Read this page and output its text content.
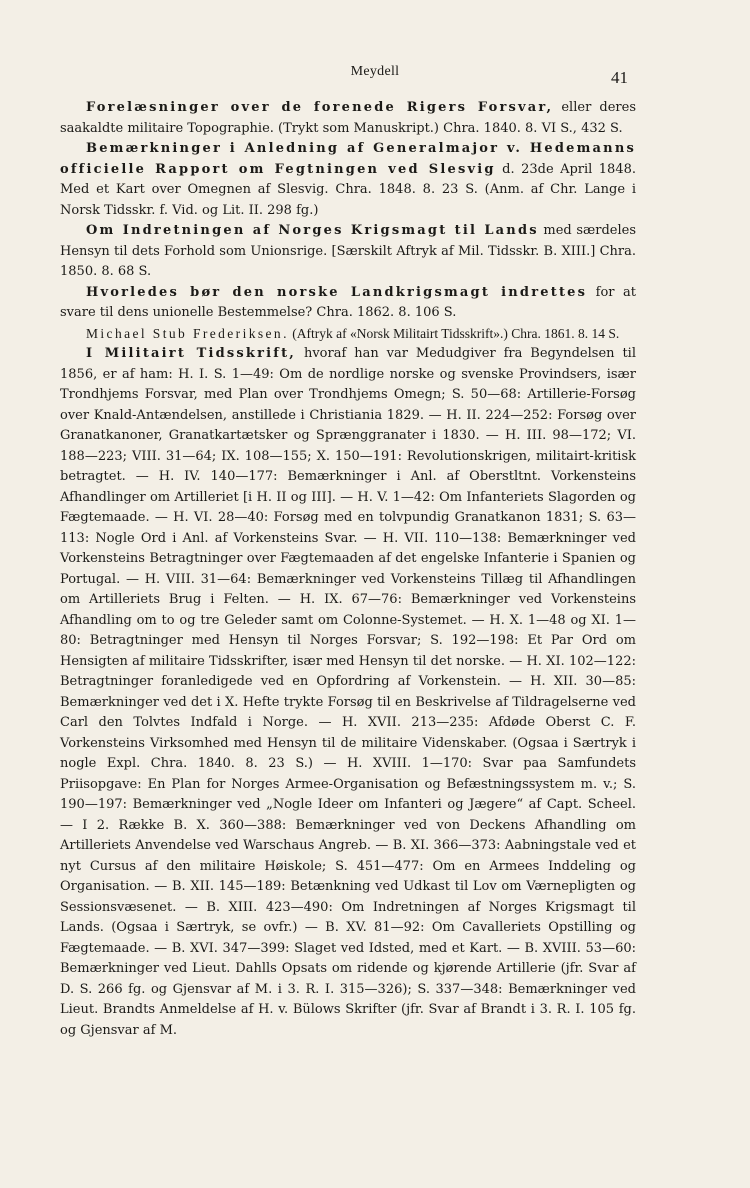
Meydell	41

Forelæsninger over de forenede Rigers Forsvar, eller deres saakaldte militaire Topographie. (Trykt som Manuskript.) Chra. 1840. 8. VI S., 432 S.

Bemærkninger i Anledning af Generalmajor v. Hedemanns officielle Rapport om Fegtningen ved Slesvig d. 23de April 1848. Med et Kart over Omegnen af Slesvig. Chra. 1848. 8. 23 S. (Anm. af Chr. Lange i Norsk Tidsskr. f. Vid. og Lit. II. 298 fg.)

Om Indretningen af Norges Krigsmagt til Lands med særdeles Hensyn til dets Forhold som Unionsrige. [Særskilt Aftryk af Mil. Tidsskr. B. XIII.] Chra. 1850. 8. 68 S.

Hvorledes bør den norske Landkrigsmagt indrettes for at svare til dens unionelle Bestemmelse? Chra. 1862. 8. 106 S.

Michael Stub Frederiksen. (Aftryk af «Norsk Militairt Tidsskrift».) Chra. 1861. 8. 14 S.

I Militairt Tidsskrift, hvoraf han var Medudgiver fra Begyndelsen til 1856, er af ham: H. I. S. 1—49: Om de nordlige norske og svenske Provindsers, især Trondhjems Forsvar, med Plan over Trondhjems Omegn; S. 50—68: Artillerie-Forsøg over Knald-Antændelsen, anstillede i Christiania 1829. — H. II. 224—252: Forsøg over Granatkanoner, Granatkartætsker og Sprænggranater i 1830. — H. III. 98—172; VI. 188—223; VIII. 31—64; IX. 108—155; X. 150—191: Revolutionskrigen, militairt-kritisk betragtet. — H. IV. 140—177: Bemærkninger i Anl. af Oberstltnt. Vorkensteins Afhandlinger om Artilleriet [i H. II og III]. — H. V. 1—42: Om Infanteriets Slagorden og Fægtemaade. — H. VI. 28—40: Forsøg med en tolvpundig Granatkanon 1831; S. 63—113: Nogle Ord i Anl. af Vorkensteins Svar. — H. VII. 110—138: Bemærkninger ved Vorkensteins Betragtninger over Fægtemaaden af det engelske Infanterie i Spanien og Portugal. — H. VIII. 31—64: Bemærkninger ved Vorkensteins Tillæg til Afhandlingen om Artilleriets Brug i Felten. — H. IX. 67—76: Bemærkninger ved Vorkensteins Afhandling om to og tre Geleder samt om Colonne-Systemet. — H. X. 1—48 og XI. 1—80: Betragtninger med Hensyn til Norges Forsvar; S. 192—198: Et Par Ord om Hensigten af militaire Tidsskrifter, især med Hensyn til det norske. — H. XI. 102—122: Betragtninger foranledigede ved en Opfordring af Vorkenstein. — H. XII. 30—85: Bemærkninger ved det i X. Hefte trykte Forsøg til en Beskrivelse af Tildragelserne ved Carl den Tolvtes Indfald i Norge. — H. XVII. 213—235: Afdøde Oberst C. F. Vorkensteins Virksomhed med Hensyn til de militaire Videnskaber. (Ogsaa i Særtryk i nogle Expl. Chra. 1840. 8. 23 S.) — H. XVIII. 1—170: Svar paa Samfundets Priisopgave: En Plan for Norges Armee-Organisation og Befæstningssystem m. v.; S. 190—197: Bemærkninger ved „Nogle Ideer om Infanteri og Jægere“ af Capt. Scheel. — I 2. Række B. X. 360—388: Bemærkninger ved von Deckens Afhandling om Artilleriets Anvendelse ved Warschaus Angreb. — B. XI. 366—373: Aabningstale ved et nyt Cursus af den militaire Høiskole; S. 451—477: Om en Armees Inddeling og Organisation. — B. XII. 145—189: Betænkning ved Udkast til Lov om Værnepligten og Sessionsvæsenet. — B. XIII. 423—490: Om Indretningen af Norges Krigsmagt til Lands. (Ogsaa i Særtryk, se ovfr.) — B. XV. 81—92: Om Cavalleriets Opstilling og Fægtemaade. — B. XVI. 347—399: Slaget ved Idsted, med et Kart. — B. XVIII. 53—60: Bemærkninger ved Lieut. Dahlls Opsats om ridende og kjørende Artillerie (jfr. Svar af D. S. 266 fg. og Gjensvar af M. i 3. R. I. 315—326); S. 337—348: Bemærkninger ved Lieut. Brandts Anmeldelse af H. v. Bülows Skrifter (jfr. Svar af Brandt i 3. R. I. 105 fg. og Gjensvar af M.
